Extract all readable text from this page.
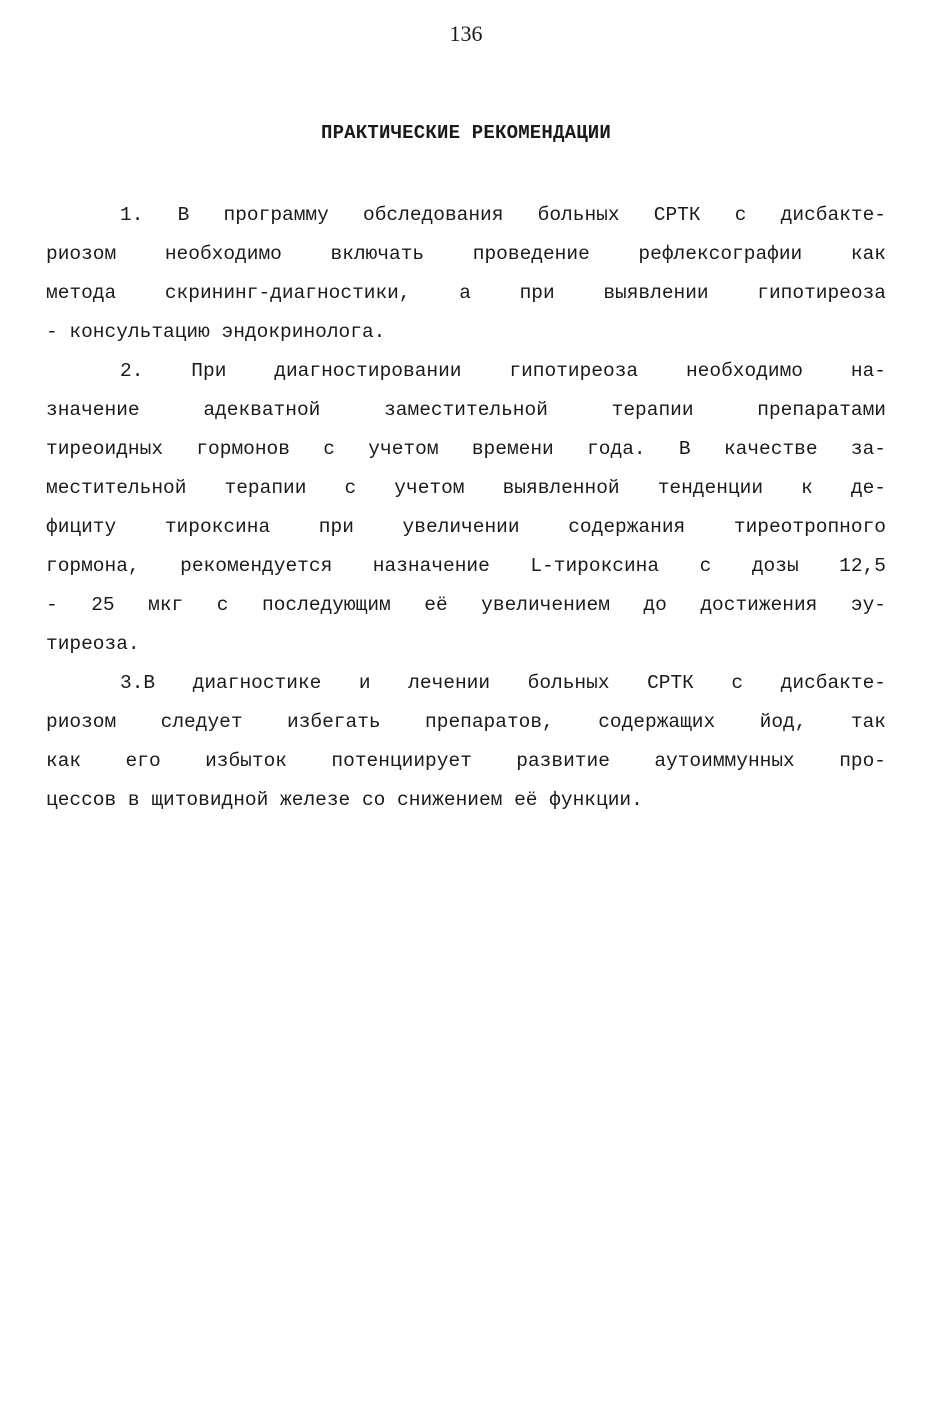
136
ПРАКТИЧЕСКИЕ РЕКОМЕНДАЦИИ
1. В программу обследования больных СРТК с дисбакте-
риозом необходимо включать проведение рефлексографии как
метода скрининг-диагностики, а при выявлении гипотиреоза
- консультацию эндокринолога.
2. При диагностировании гипотиреоза необходимо на-
значение адекватной заместительной терапии препаратами
тиреоидных гормонов с учетом времени года. В качестве за-
местительной терапии с учетом выявленной тенденции к де-
фициту тироксина при увеличении содержания тиреотропного
гормона, рекомендуется назначение L-тироксина с дозы 12,5
- 25 мкг с последующим её увеличением до достижения эу-
тиреоза.
3.В диагностике и лечении больных СРТК с дисбакте-
риозом следует избегать препаратов, содержащих йод, так
как его избыток потенциирует развитие аутоиммунных про-
цессов в щитовидной железе со снижением её функции.
